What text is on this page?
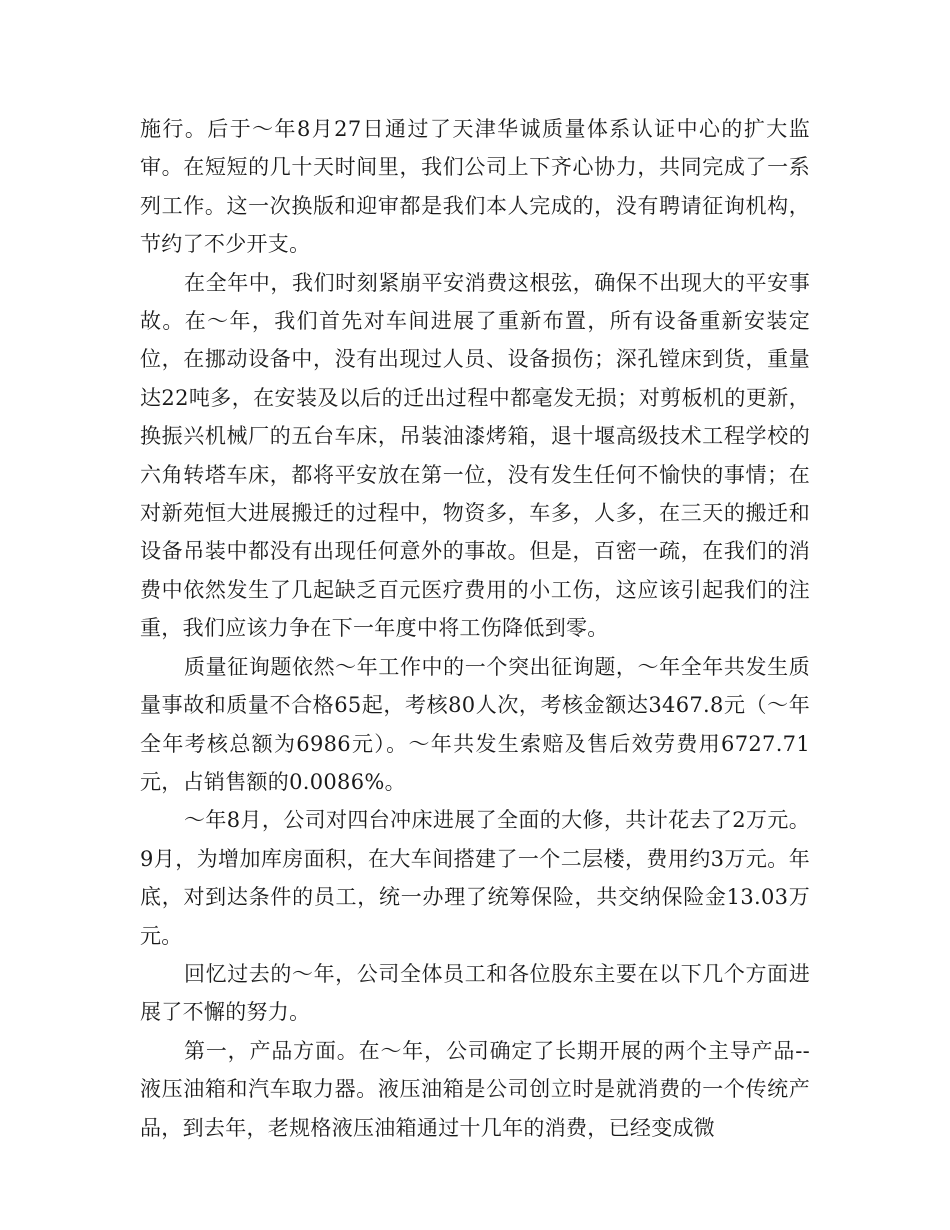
施行。后于～年8月27日通过了天津华诚质量体系认证中心的扩大监审。在短短的几十天时间里，我们公司上下齐心协力，共同完成了一系列工作。这一次换版和迎审都是我们本人完成的，没有聘请征询机构，节约了不少开支。

在全年中，我们时刻紧崩平安消费这根弦，确保不出现大的平安事故。在～年，我们首先对车间进展了重新布置，所有设备重新安装定位，在挪动设备中，没有出现过人员、设备损伤；深孔镗床到货，重量达22吨多，在安装及以后的迁出过程中都毫发无损；对剪板机的更新，换振兴机械厂的五台车床，吊装油漆烤箱，退十堰高级技术工程学校的六角转塔车床，都将平安放在第一位，没有发生任何不愉快的事情；在对新苑恒大进展搬迁的过程中，物资多，车多，人多，在三天的搬迁和设备吊装中都没有出现任何意外的事故。但是，百密一疏，在我们的消费中依然发生了几起缺乏百元医疗费用的小工伤，这应该引起我们的注重，我们应该力争在下一年度中将工伤降低到零。

质量征询题依然～年工作中的一个突出征询题，～年全年共发生质量事故和质量不合格65起，考核80人次，考核金额达3467.8元（～年全年考核总额为6986元）。～年共发生索赔及售后效劳费用6727.71元，占销售额的0.0086%。

～年8月，公司对四台冲床进展了全面的大修，共计花去了2万元。9月，为增加库房面积，在大车间搭建了一个二层楼，费用约3万元。年底，对到达条件的员工，统一办理了统筹保险，共交纳保险金13.03万元。

回忆过去的～年，公司全体员工和各位股东主要在以下几个方面进展了不懈的努力。

第一，产品方面。在～年，公司确定了长期开展的两个主导产品--液压油箱和汽车取力器。液压油箱是公司创立时是就消费的一个传统产品，到去年，老规格液压油箱通过十几年的消费，已经变成微
